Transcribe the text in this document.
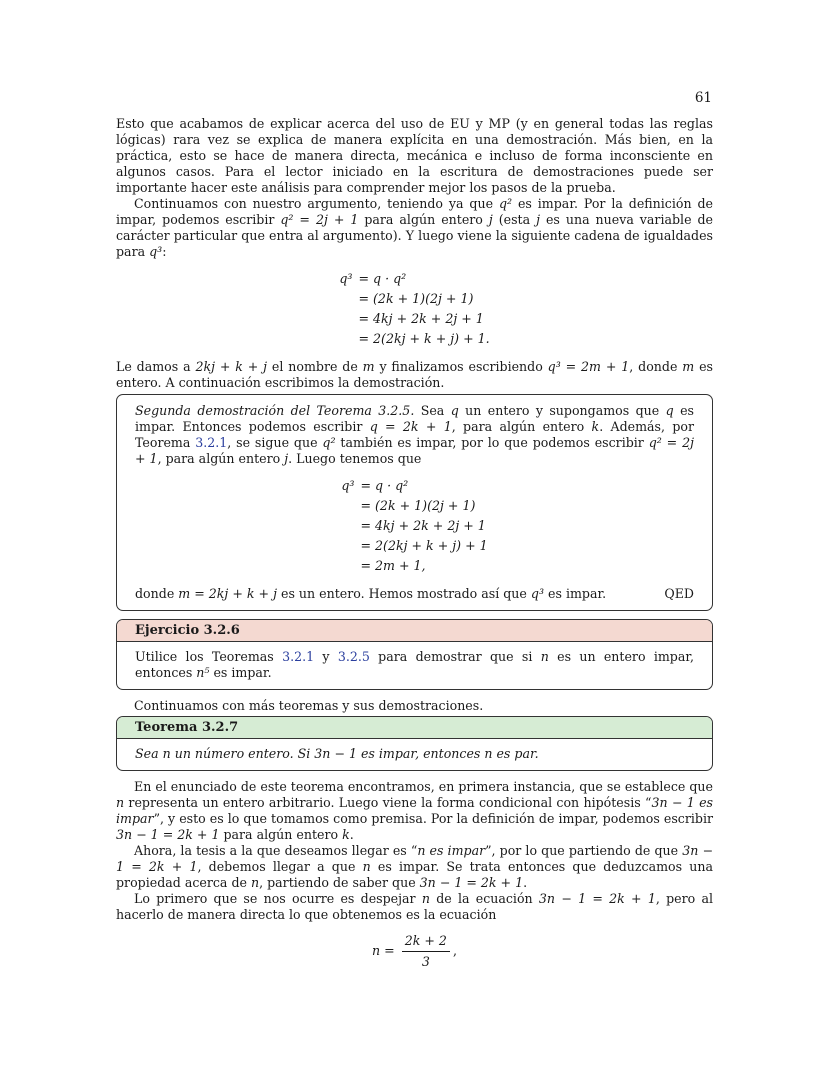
61

Esto que acabamos de explicar acerca del uso de EU y MP (y en general todas las reglas lógicas) rara vez se explica de manera explícita en una demostración. Más bien, en la práctica, esto se hace de manera directa, mecánica e incluso de forma inconsciente en algunos casos. Para el lector iniciado en la escritura de demostraciones puede ser importante hacer este análisis para comprender mejor los pasos de la prueba.

Continuamos con nuestro argumento, teniendo ya que q² es impar. Por la definición de impar, podemos escribir q² = 2j + 1 para algún entero j (esta j es una nueva variable de carácter particular que entra al argumento). Y luego viene la siguiente cadena de igualdades para q³:

q³ = q · q²
= (2k + 1)(2j + 1)
= 4kj + 2k + 2j + 1
= 2(2kj + k + j) + 1.

Le damos a 2kj + k + j el nombre de m y finalizamos escribiendo q³ = 2m + 1, donde m es entero. A continuación escribimos la demostración.

Segunda demostración del Teorema 3.2.5. Sea q un entero y supongamos que q es impar. Entonces podemos escribir q = 2k + 1, para algún entero k. Además, por Teorema 3.2.1, se sigue que q² también es impar, por lo que podemos escribir q² = 2j + 1, para algún entero j. Luego tenemos que

q³ = q · q²
= (2k + 1)(2j + 1)
= 4kj + 2k + 2j + 1
= 2(2kj + k + j) + 1
= 2m + 1,
donde m = 2kj + k + j es un entero. Hemos mostrado así que q³ es impar.	QED
Ejercicio 3.2.6
Utilice los Teoremas 3.2.1 y 3.2.5 para demostrar que si n es un entero impar, entonces n⁵ es impar.

Continuamos con más teoremas y sus demostraciones.

Teorema 3.2.7
Sea n un número entero. Si 3n − 1 es impar, entonces n es par.

En el enunciado de este teorema encontramos, en primera instancia, que se establece que n representa un entero arbitrario. Luego viene la forma condicional con hipótesis “3n − 1 es impar”, y esto es lo que tomamos como premisa. Por la definición de impar, podemos escribir 3n − 1 = 2k + 1 para algún entero k.

Ahora, la tesis a la que deseamos llegar es “n es impar”, por lo que partiendo de que 3n − 1 = 2k + 1, debemos llegar a que n es impar. Se trata entonces que deduzcamos una propiedad acerca de n, partiendo de saber que 3n − 1 = 2k + 1.

Lo primero que se nos ocurre es despejar n de la ecuación 3n − 1 = 2k + 1, pero al hacerlo de manera directa lo que obtenemos es la ecuación

$n = \frac{2k + 2}{3}$ ,
